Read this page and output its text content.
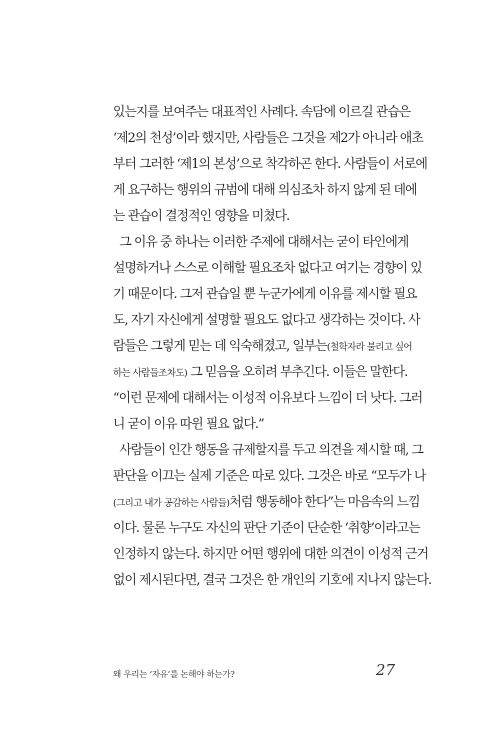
있는지를 보여주는 대표적인 사례다. 속담에 이르길 관습은
‘제2의 천성’이라 했지만, 사람들은 그것을 제2가 아니라 애초
부터 그러한 ‘제1의 본성’으로 착각하곤 한다. 사람들이 서로에
게 요구하는 행위의 규범에 대해 의심조차 하지 않게 된 데에
는 관습이 결정적인 영향을 미쳤다.
그 이유 중 하나는 이러한 주제에 대해서는 굳이 타인에게
설명하거나 스스로 이해할 필요조차 없다고 여기는 경향이 있
기 때문이다. 그저 관습일 뿐 누군가에게 이유를 제시할 필요
도, 자기 자신에게 설명할 필요도 없다고 생각하는 것이다. 사
람들은 그렇게 믿는 데 익숙해졌고, 일부는(철학자라 불리고 싶어
하는 사람들조차도) 그 믿음을 오히려 부추긴다. 이들은 말한다.
“이런 문제에 대해서는 이성적 이유보다 느낌이 더 낫다. 그러
니 굳이 이유 따윈 필요 없다.”
사람들이 인간 행동을 규제할지를 두고 의견을 제시할 때, 그
판단을 이끄는 실제 기준은 따로 있다. 그것은 바로 “모두가 나
(그리고 내가 공감하는 사람들)처럼 행동해야 한다”는 마음속의 느낌
이다. 물론 누구도 자신의 판단 기준이 단순한 ‘취향’이라고는
인정하지 않는다. 하지만 어떤 행위에 대한 의견이 이성적 근거
없이 제시된다면, 결국 그것은 한 개인의 기호에 지나지 않는다.
왜 우리는 ‘자유’를 논해야 하는가?	27
